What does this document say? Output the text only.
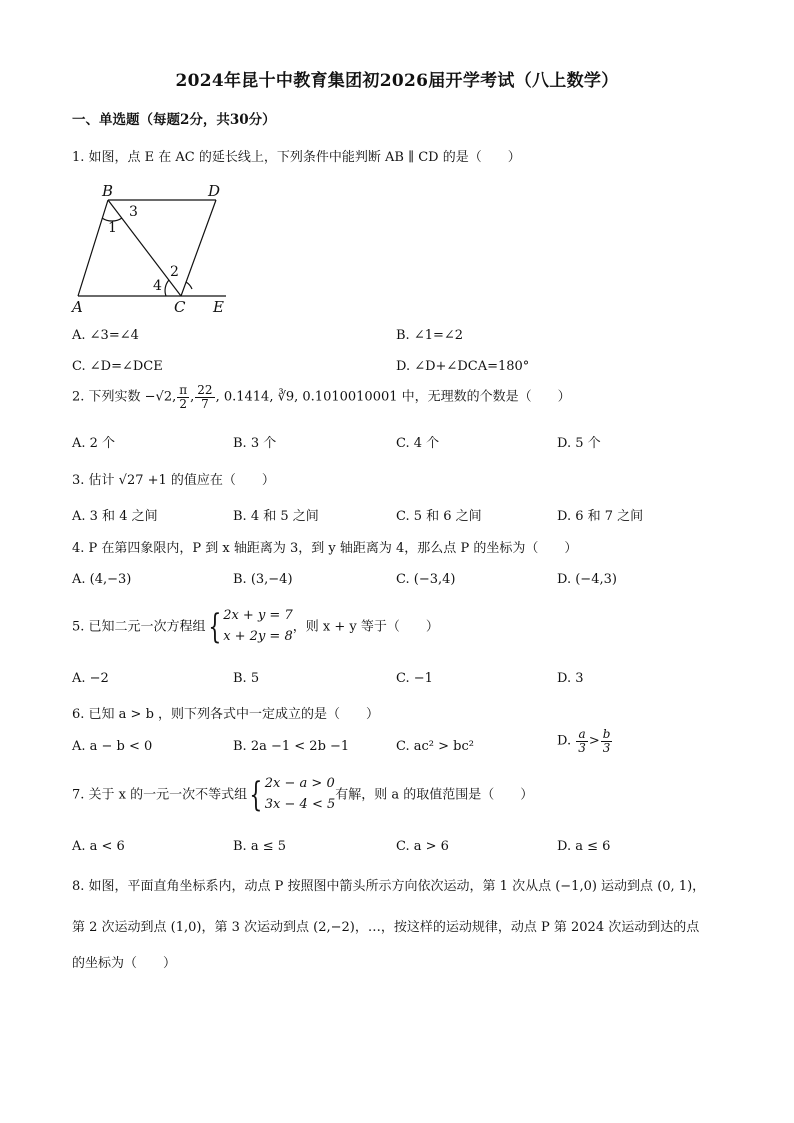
2024年昆十中教育集团初2026届开学考试（八上数学）
一、单选题（每题2分，共30分）
1. 如图，点 E 在 AC 的延长线上，下列条件中能判断 AB ∥ CD 的是（　　）
B	D
A	C E
3
1
2
4
A. ∠3=∠4	B. ∠1=∠2
C. ∠D=∠DCE	D. ∠D+∠DCA=180°
2. 下列实数 −√2, $\frac{\pi}{2}$ , $\frac{22}{7}$ , 0.1414, ∛9, 0.1010010001 中，无理数的个数是（　　）
A. 2 个	B. 3 个	C. 4 个	D. 5 个
3. 估计 √27 +1 的值应在（　　）
A. 3 和 4 之间	B. 4 和 5 之间	C. 5 和 6 之间	D. 6 和 7 之间
4. P 在第四象限内，P 到 x 轴距离为 3，到 y 轴距离为 4，那么点 P 的坐标为（　　）
A. (4,−3)	B. (3,−4)	C. (−3,4)	D. (−4,3)
5. 已知二元一次方程组{ 2x + y = 7
x + 2y = 8
，则 x + y 等于（　　）
A. −2	B. 5	C. −1	D. 3
6. 已知 a > b ，则下列各式中一定成立的是（　　）
A. a − b < 0	B. 2a −1 < 2b −1	C. ac² > bc²	D. $\frac{a}{3} > \frac{b}{3}$
7. 关于 x 的一元一次不等式组{ 2x − a > 0
3x − 4 < 5
有解，则 a 的取值范围是（　　）
A. a < 6	B. a ≤ 5	C. a > 6	D. a ≤ 6
8. 如图，平面直角坐标系内，动点 P 按照图中箭头所示方向依次运动，第 1 次从点 (−1,0) 运动到点 (0, 1)，
第 2 次运动到点 (1,0)，第 3 次运动到点 (2,−2)，…，按这样的运动规律，动点 P 第 2024 次运动到达的点
的坐标为（　　）
